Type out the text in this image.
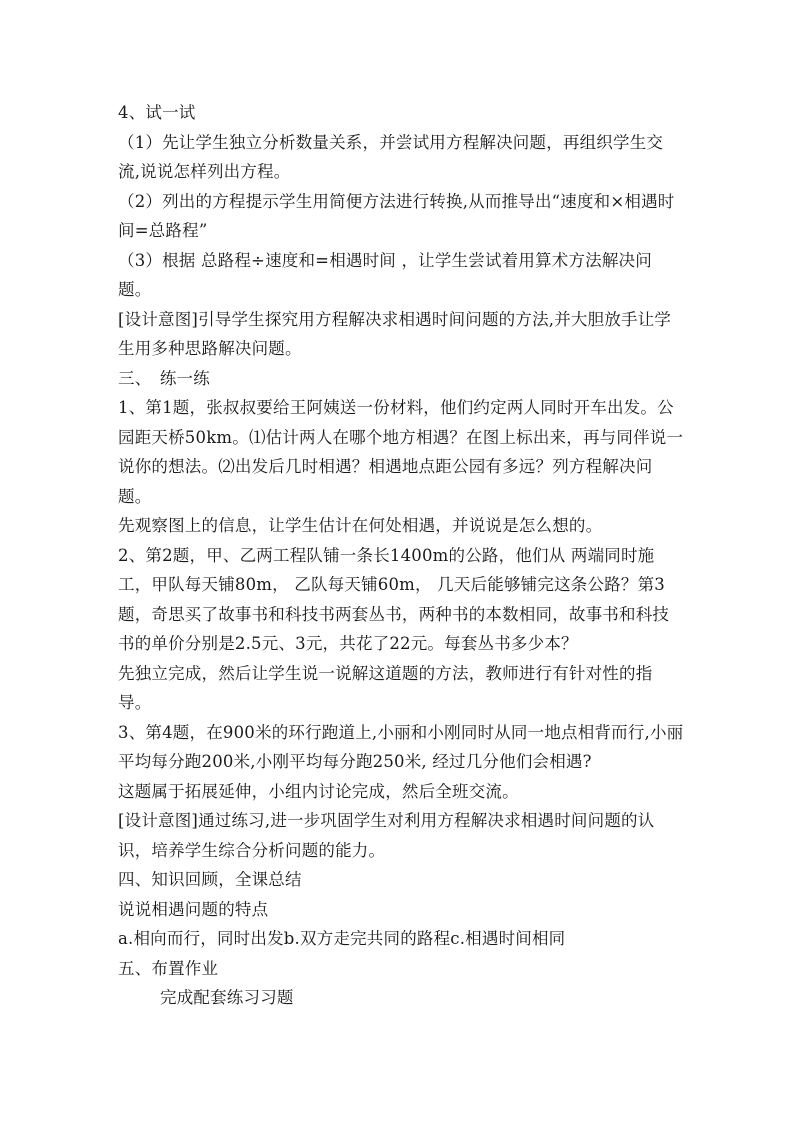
4、试一试

（1）先让学生独立分析数量关系，并尝试用方程解决问题，再组织学生交流,说说怎样列出方程。

（2）列出的方程提示学生用简便方法进行转换,从而推导出“速度和×相遇时间=总路程”

（3）根据 总路程÷速度和=相遇时间 ，让学生尝试着用算术方法解决问题。

[设计意图]引导学生探究用方程解决求相遇时间问题的方法,并大胆放手让学生用多种思路解决问题。

三、　练一练

1、第1题，张叔叔要给王阿姨送一份材料，他们约定两人同时开车出发。公园距天桥50km。⑴估计两人在哪个地方相遇？在图上标出来，再与同伴说一说你的想法。⑵出发后几时相遇？相遇地点距公园有多远？列方程解决问题。

先观察图上的信息，让学生估计在何处相遇，并说说是怎么想的。

2、第2题，甲、乙两工程队铺一条长1400m的公路，他们从 两端同时施工，甲队每天铺80m， 乙队每天铺60m， 几天后能够铺完这条公路？第3题，奇思买了故事书和科技书两套丛书，两种书的本数相同，故事书和科技书的单价分别是2.5元、3元，共花了22元。每套丛书多少本？

先独立完成，然后让学生说一说解这道题的方法，教师进行有针对性的指导。

3、第4题，在900米的环行跑道上,小丽和小刚同时从同一地点相背而行,小丽平均每分跑200米,小刚平均每分跑250米, 经过几分他们会相遇?

这题属于拓展延伸，小组内讨论完成，然后全班交流。

[设计意图]通过练习,进一步巩固学生对利用方程解决求相遇时间问题的认识，培养学生综合分析问题的能力。

四、知识回顾，全课总结

说说相遇问题的特点

a.相向而行，同时出发b.双方走完共同的路程c.相遇时间相同

五、布置作业

完成配套练习习题
